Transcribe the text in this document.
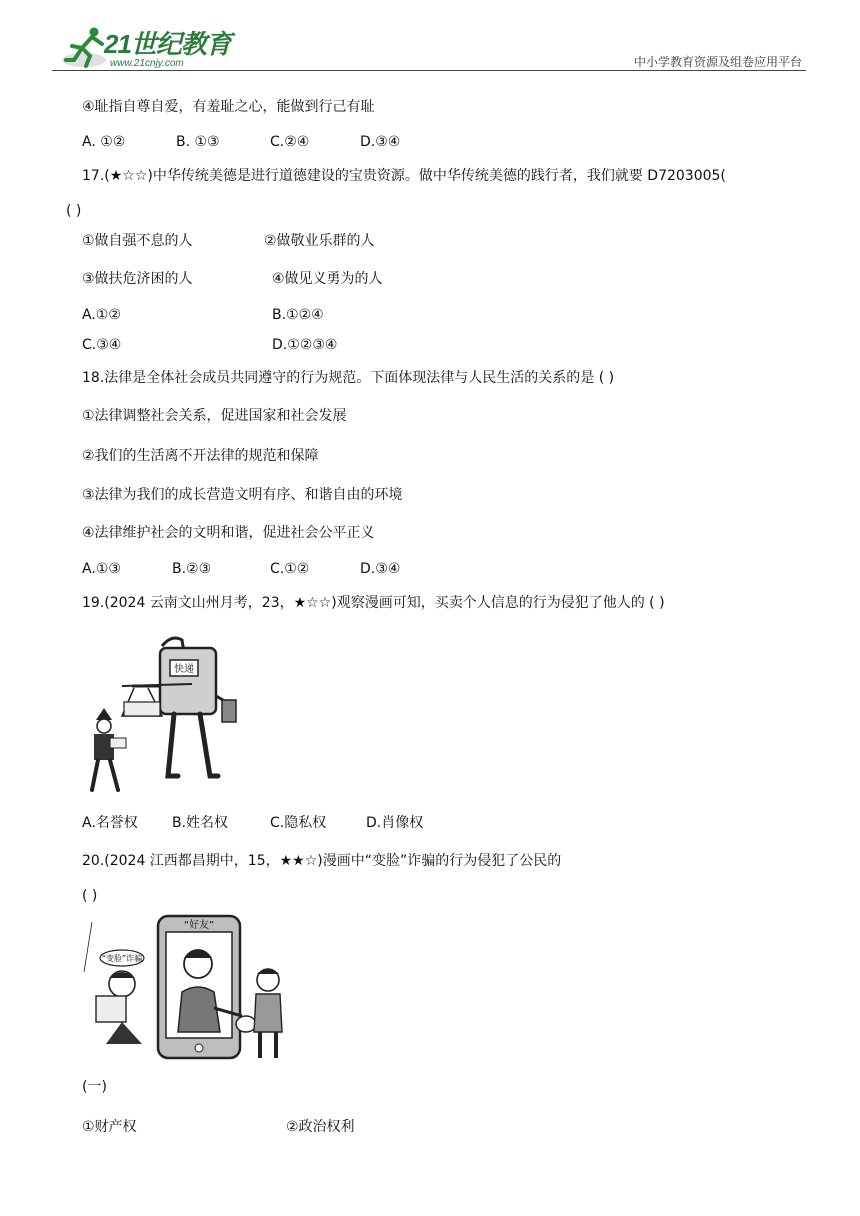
21世纪教育
www.21cnjy.com	中小学教育资源及组卷应用平台
④耻指自尊自爱，有羞耻之心，能做到行己有耻
A. ①②	B. ①③	C.②④	D.③④
17.(★☆☆)中华传统美德是进行道德建设的宝贵资源。做中华传统美德的践行者，我们就要 D7203005(
( )
①做自强不息的人	②做敬业乐群的人
③做扶危济困的人	④做见义勇为的人
A.①②	B.①②④
C.③④	D.①②③④
18.法律是全体社会成员共同遵守的行为规范。下面体现法律与人民生活的关系的是 ( )
①法律调整社会关系，促进国家和社会发展
②我们的生活离不开法律的规范和保障
③法律为我们的成长营造文明有序、和谐自由的环境
④法律维护社会的文明和谐，促进社会公平正义
A.①③	B.②③	C.①②	D.③④
19.(2024 云南文山州月考，23，★☆☆)观察漫画可知，买卖个人信息的行为侵犯了他人的 ( )
快递
A.名誉权 B.姓名权	C.隐私权	D.肖像权
20.(2024 江西都昌期中，15，★★☆)漫画中“变脸”诈骗的行为侵犯了公民的
( )
“好友”
“变脸”诈骗
(一)
①财产权	②政治权利
